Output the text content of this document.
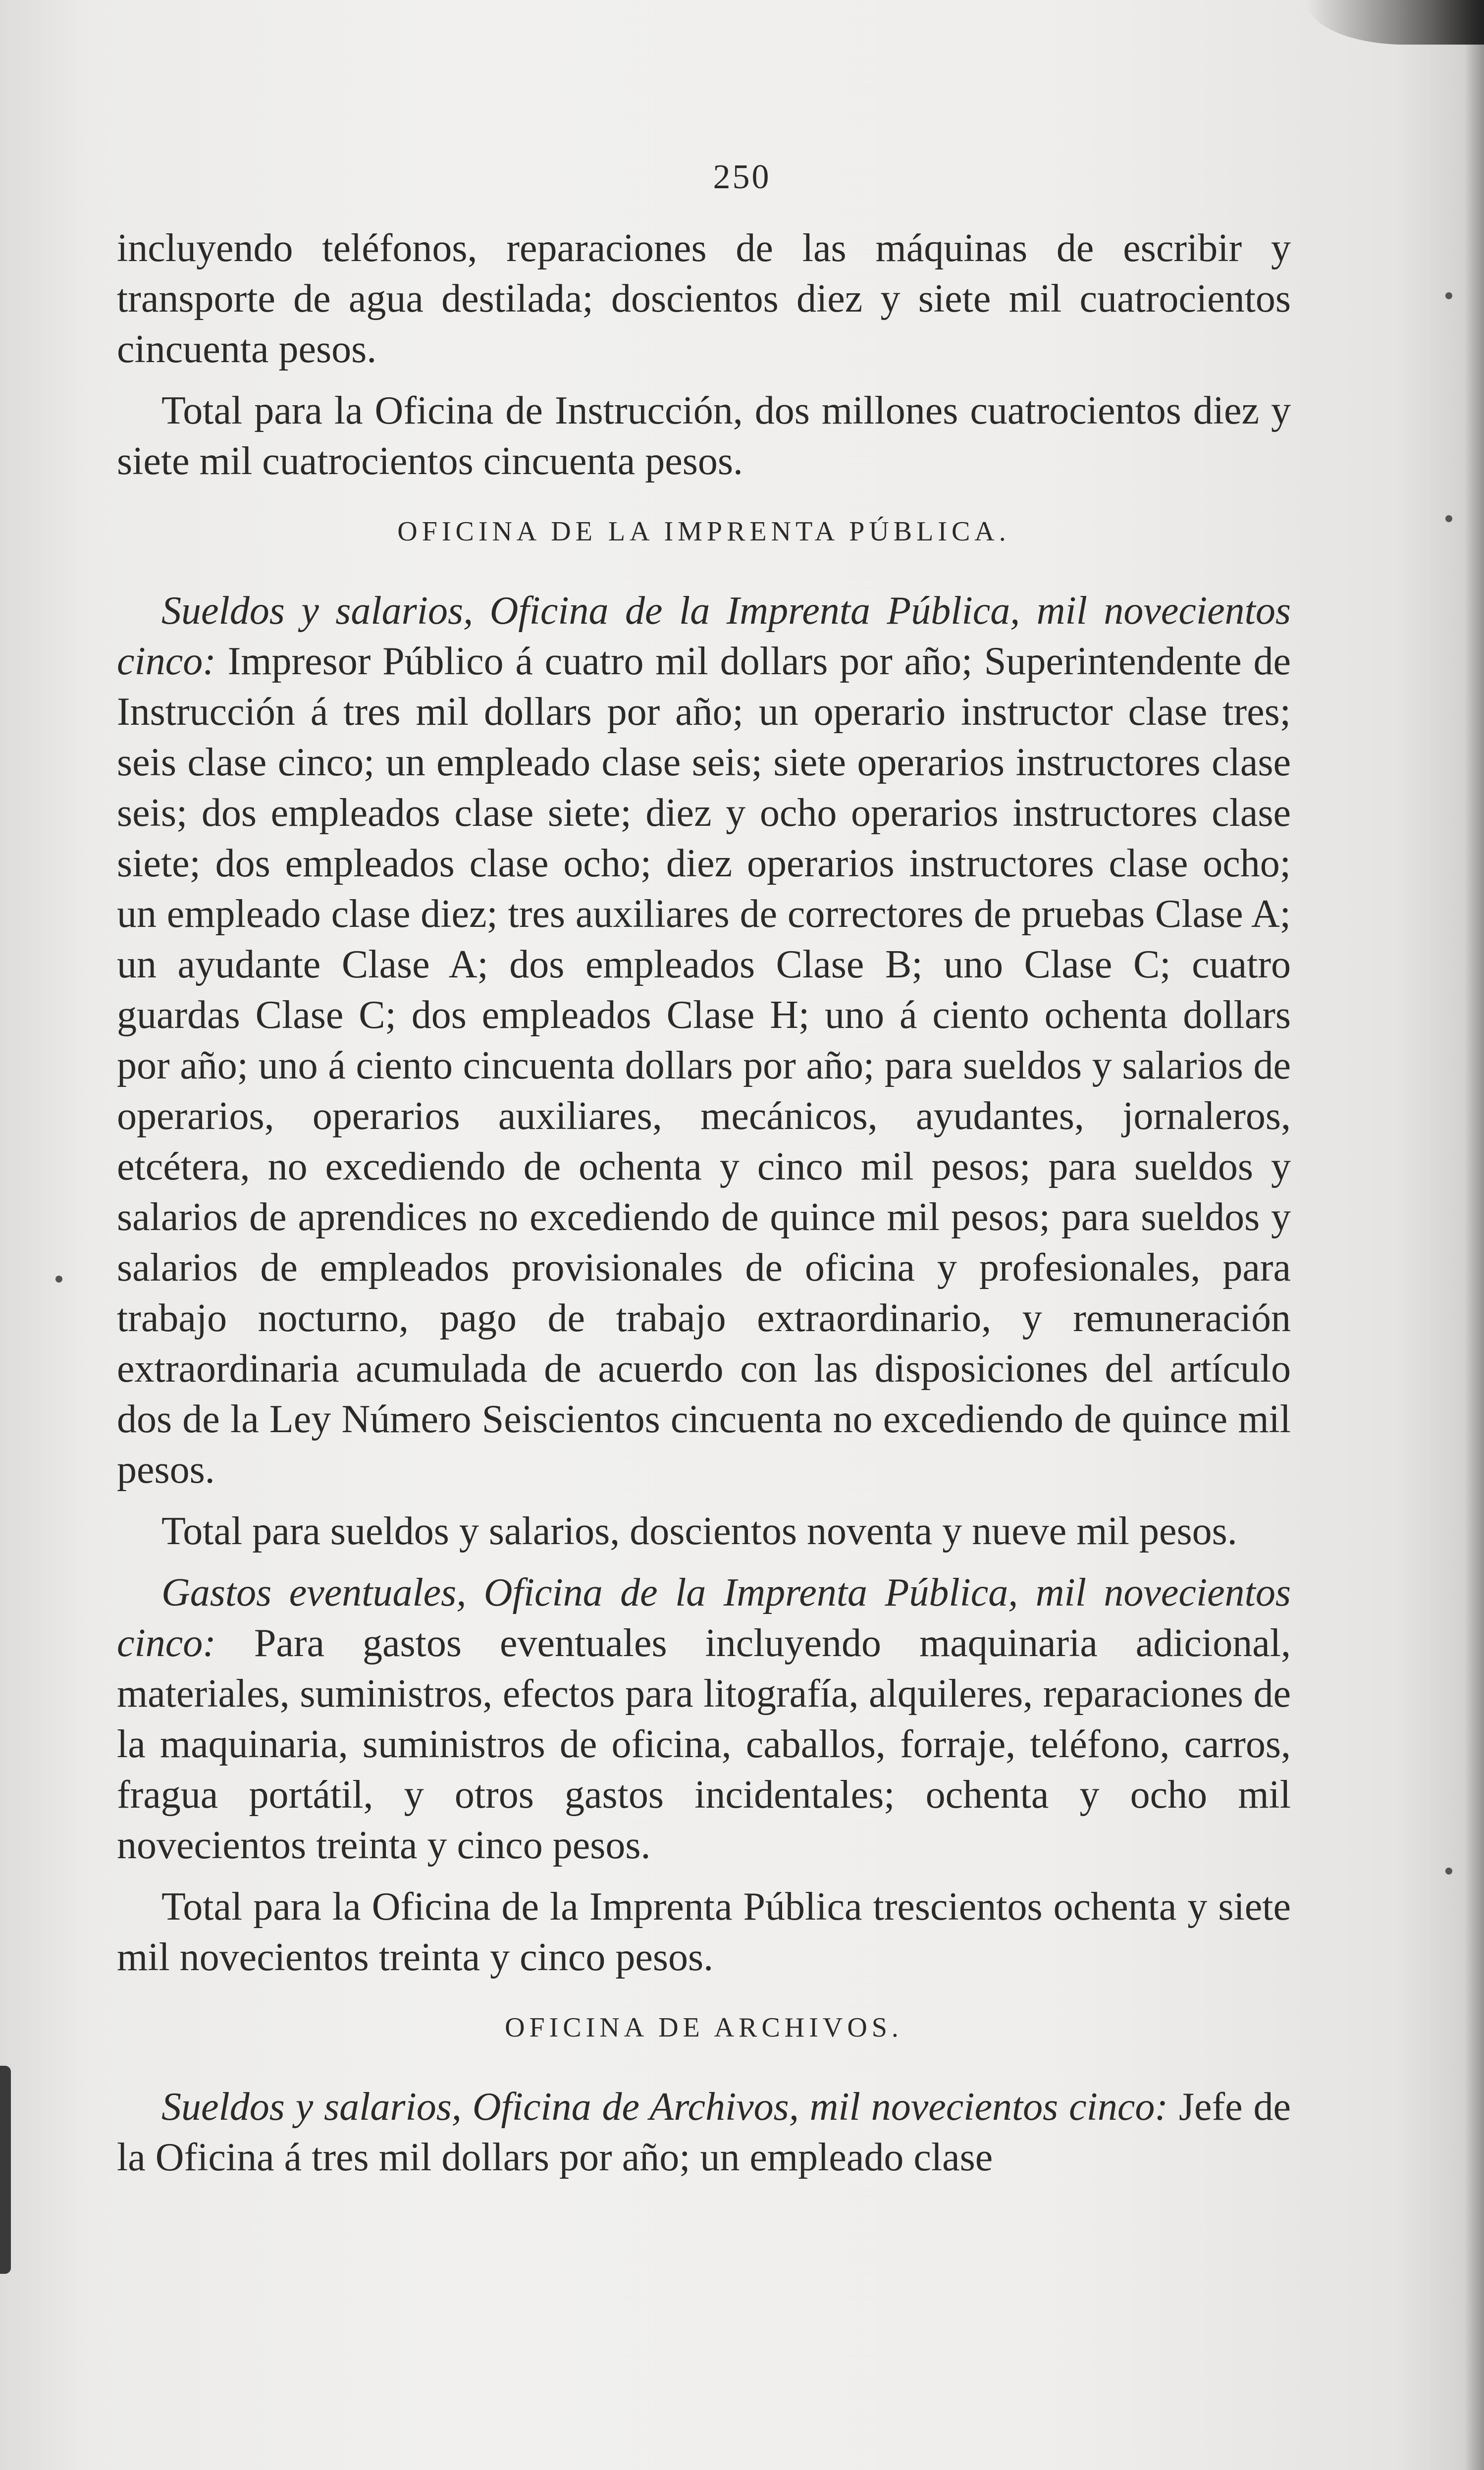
250

incluyendo teléfonos, reparaciones de las máquinas de escribir y transporte de agua destilada; doscientos diez y siete mil cuatrocientos cincuenta pesos.

Total para la Oficina de Instrucción, dos millones cuatrocientos diez y siete mil cuatrocientos cincuenta pesos.

OFICINA DE LA IMPRENTA PÚBLICA.

Sueldos y salarios, Oficina de la Imprenta Pública, mil novecientos cinco: Impresor Público á cuatro mil dollars por año; Superintendente de Instrucción á tres mil dollars por año; un operario instructor clase tres; seis clase cinco; un empleado clase seis; siete operarios instructores clase seis; dos empleados clase siete; diez y ocho operarios instructores clase siete; dos empleados clase ocho; diez operarios instructores clase ocho; un empleado clase diez; tres auxiliares de correctores de pruebas Clase A; un ayudante Clase A; dos empleados Clase B; uno Clase C; cuatro guardas Clase C; dos empleados Clase H; uno á ciento ochenta dollars por año; uno á ciento cincuenta dollars por año; para sueldos y salarios de operarios, operarios auxiliares, mecánicos, ayudantes, jornaleros, etcétera, no excediendo de ochenta y cinco mil pesos; para sueldos y salarios de aprendices no excediendo de quince mil pesos; para sueldos y salarios de empleados provisionales de oficina y profesionales, para trabajo nocturno, pago de trabajo extraordinario, y remuneración extraordinaria acumulada de acuerdo con las disposiciones del artículo dos de la Ley Número Seiscientos cincuenta no excediendo de quince mil pesos.

Total para sueldos y salarios, doscientos noventa y nueve mil pesos.

Gastos eventuales, Oficina de la Imprenta Pública, mil novecientos cinco: Para gastos eventuales incluyendo maquinaria adicional, materiales, suministros, efectos para litografía, alquileres, reparaciones de la maquinaria, suministros de oficina, caballos, forraje, teléfono, carros, fragua portátil, y otros gastos incidentales; ochenta y ocho mil novecientos treinta y cinco pesos.

Total para la Oficina de la Imprenta Pública trescientos ochenta y siete mil novecientos treinta y cinco pesos.

OFICINA DE ARCHIVOS.

Sueldos y salarios, Oficina de Archivos, mil novecientos cinco: Jefe de la Oficina á tres mil dollars por año; un empleado clase
